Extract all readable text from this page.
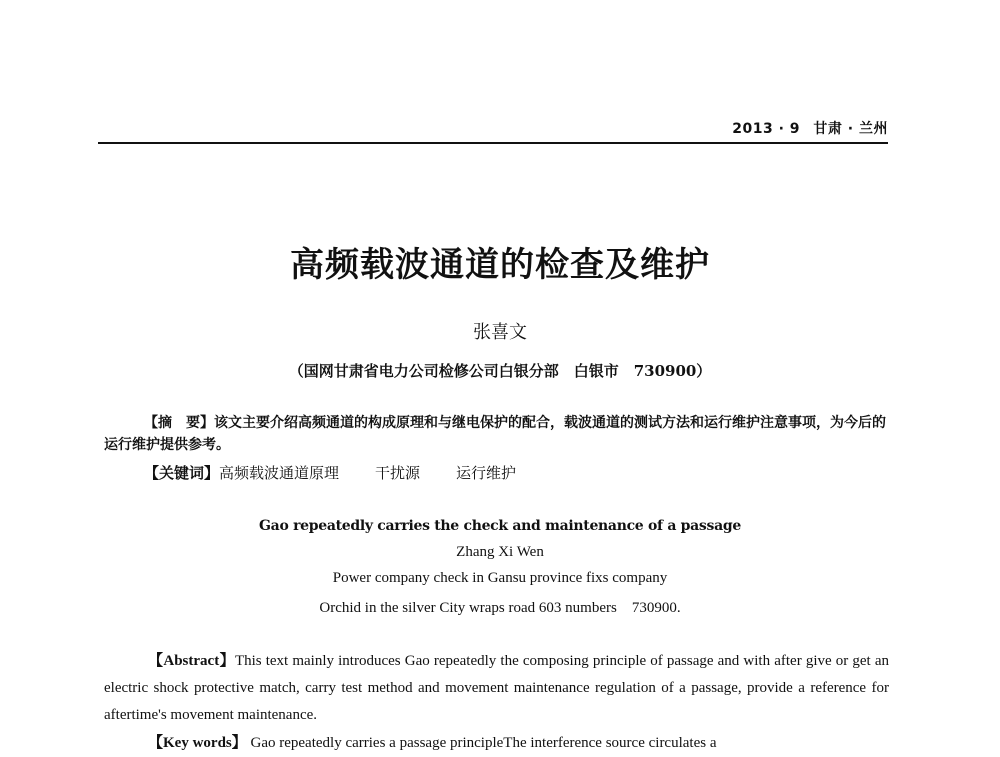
2013 · 9 甘肃 · 兰州
高频载波通道的检查及维护
张喜文
（国网甘肃省电力公司检修公司白银分部　白银市　730900）
【摘　要】该文主要介绍高频通道的构成原理和与继电保护的配合，载波通道的测试方法和运行维护注意事项，为今后的运行维护提供参考。
【关键词】高频载波通道原理 干扰源 运行维护
Gao repeatedly carries the check and maintenance of a passage
Zhang Xi Wen
Power company check in Gansu province fixs company
Orchid in the silver City wraps road 603 numbers　730900.
【Abstract】This text mainly introduces Gao repeatedly the composing principle of passage and with after give or get an electric shock protective match, carry test method and movement maintenance regulation of a passage, provide a reference for aftertime's movement maintenance.
【Key words】 Gao repeatedly carries a passage principleThe interference source circulates a
